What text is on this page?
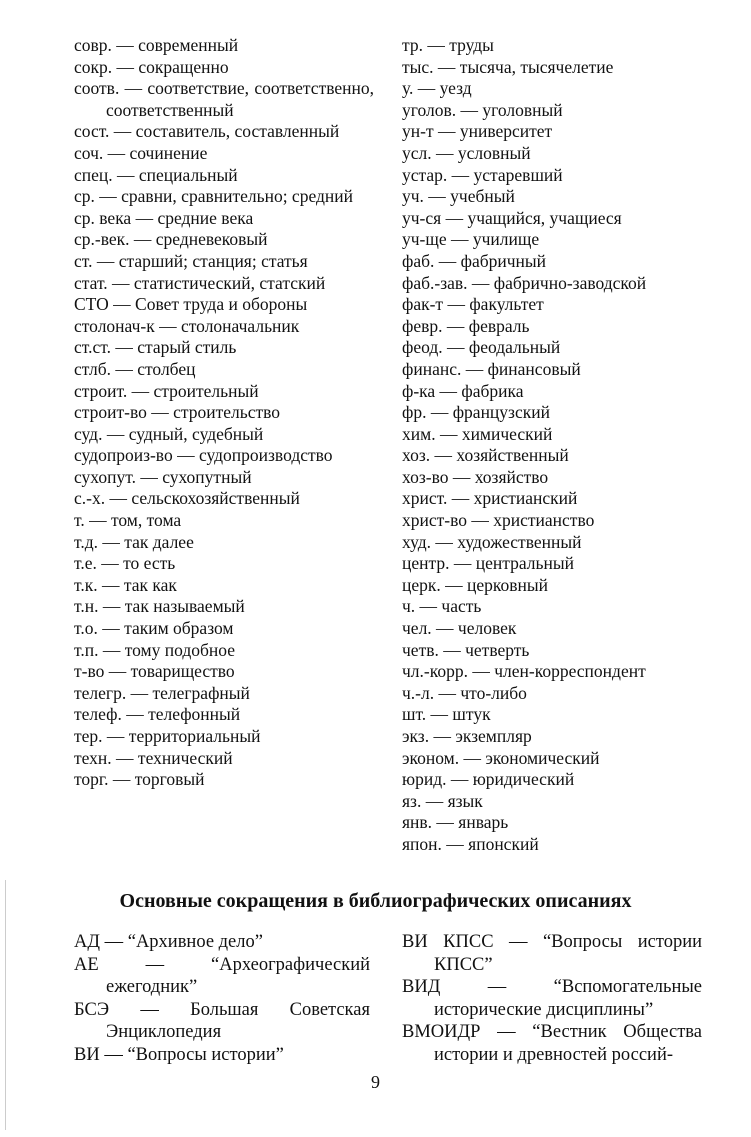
совр. — современный
сокр. — сокращенно
соотв. — соответствие, соответственно, соответственный
сост. — составитель, составленный
соч. — сочинение
спец. — специальный
ср. — сравни, сравнительно; средний
ср. века — средние века
ср.-век. — средневековый
ст. — старший; станция; статья
стат. — статистический, статский
СТО — Совет труда и обороны
столонач-к — столоначальник
ст.ст. — старый стиль
стлб. — столбец
строит. — строительный
строит-во — строительство
суд. — судный, судебный
судопроиз-во — судопроизводство
сухопут. — сухопутный
с.-х. — сельскохозяйственный
т. — том, тома
т.д. — так далее
т.е. — то есть
т.к. — так как
т.н. — так называемый
т.о. — таким образом
т.п. — тому подобное
т-во — товарищество
телегр. — телеграфный
телеф. — телефонный
тер. — территориальный
техн. — технический
торг. — торговый
тр. — труды
тыс. — тысяча, тысячелетие
у. — уезд
уголов. — уголовный
ун-т — университет
усл. — условный
устар. — устаревший
уч. — учебный
уч-ся — учащийся, учащиеся
уч-ще — училище
фаб. — фабричный
фаб.-зав. — фабрично-заводской
фак-т — факультет
февр. — февраль
феод. — феодальный
финанс. — финансовый
ф-ка — фабрика
фр. — французский
хим. — химический
хоз. — хозяйственный
хоз-во — хозяйство
христ. — христианский
христ-во — христианство
худ. — художественный
центр. — центральный
церк. — церковный
ч. — часть
чел. — человек
четв. — четверть
чл.-корр. — член-корреспондент
ч.-л. — что-либо
шт. — штук
экз. — экземпляр
эконом. — экономический
юрид. — юридический
яз. — язык
янв. — январь
япон. — японский
Основные сокращения в библиографических описаниях
АД — “Архивное дело”
АЕ — “Археографический ежегодник”
БСЭ — Большая Советская Энциклопедия
ВИ — “Вопросы истории”
ВИ КПСС — “Вопросы истории КПСС”
ВИД — “Вспомогательные исторические дисциплины”
ВМОИДР — “Вестник Общества истории и древностей россий-
9
